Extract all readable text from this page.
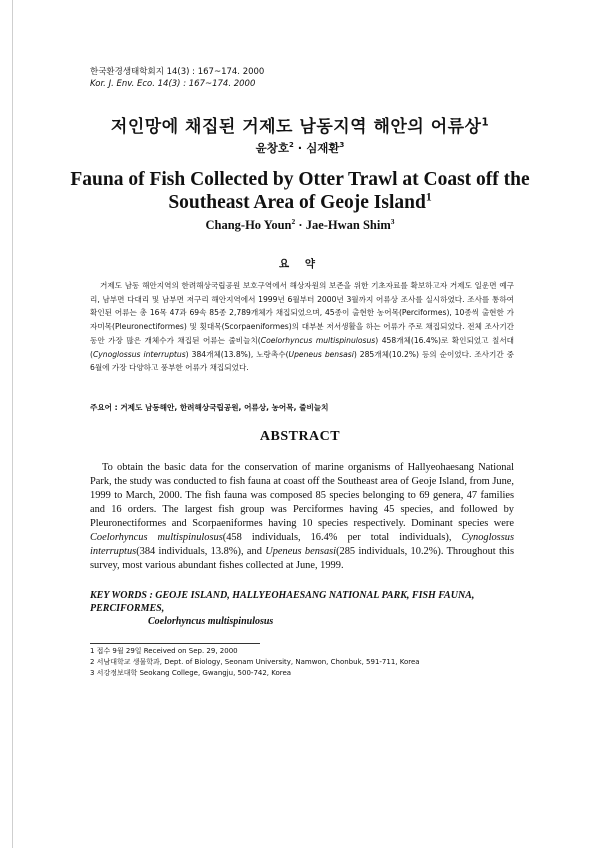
한국환경생태학회지 14(3) : 167~174. 2000
Kor. J. Env. Eco. 14(3) : 167~174. 2000
저인망에 채집된 거제도 남동지역 해안의 어류상$^1$
윤창호$^2$ · 심재환$^3$
Fauna of Fish Collected by Otter Trawl at Coast off the
Southeast Area of Geoje Island$^1$
Chang-Ho Youn$^2$ · Jae-Hwan Shim$^3$
요 약

거제도 남동 해안지역의 한려해상국립공원 보호구역에서 해상자원의 보존을 위한 기초자료를 확보하고자 거제도 일운면 예구리, 남부면 다대리 및 남부면 저구리 해안지역에서 1999년 6월부터 2000년 3월까지 어류상 조사를 실시하였다. 조사를 통하여 확인된 어류는 총 16목 47과 69속 85종 2,789개체가 채집되었으며, 45종이 출현한 농어목(Perciformes), 10종씩 출현한 가자미목(Pleuronectiformes) 및 횟대목(Scorpaeniformes)의 대부분 저서생활을 하는 어류가 주로 채집되었다. 전체 조사기간 동안 가장 많은 개체수가 채집된 어류는 줄비늘치(Coelorhyncus multispinulosus) 458개체(16.4%)로 확인되었고 칠서대(Cynoglossus interruptus) 384개체(13.8%), 노랑촉수(Upeneus bensasi) 285개체(10.2%) 등의 순이었다. 조사기간 중 6월에 가장 다양하고 풍부한 어류가 채집되었다.

주요어 : 거제도 남동해안, 한려해상국립공원, 어류상, 농어목, 줄비늘치
ABSTRACT

To obtain the basic data for the conservation of marine organisms of Hallyeohaesang National Park, the study was conducted to fish fauna at coast off the Southeast area of Geoje Island, from June, 1999 to March, 2000. The fish fauna was composed 85 species belonging to 69 genera, 47 families and 16 orders. The largest fish group was Perciformes having 45 species, and followed by Pleuronectiformes and Scorpaeniformes having 10 species respectively. Dominant species were Coelorhyncus multispinulosus(458 individuals, 16.4% per total individuals), Cynoglossus interruptus(384 individuals, 13.8%), and Upeneus bensasi(285 individuals, 10.2%). Throughout this survey, most various abundant fishes collected at June, 1999.

KEY WORDS : GEOJE ISLAND, HALLYEOHAESANG NATIONAL PARK, FISH FAUNA, PERCIFORMES,
Coelorhyncus multispinulosus
1 접수 9월 29일 Received on Sep. 29, 2000
2 서남대학교 생물학과, Dept. of Biology, Seonam University, Namwon, Chonbuk, 591-711, Korea
3 서강정보대학 Seokang College, Gwangju, 500-742, Korea
